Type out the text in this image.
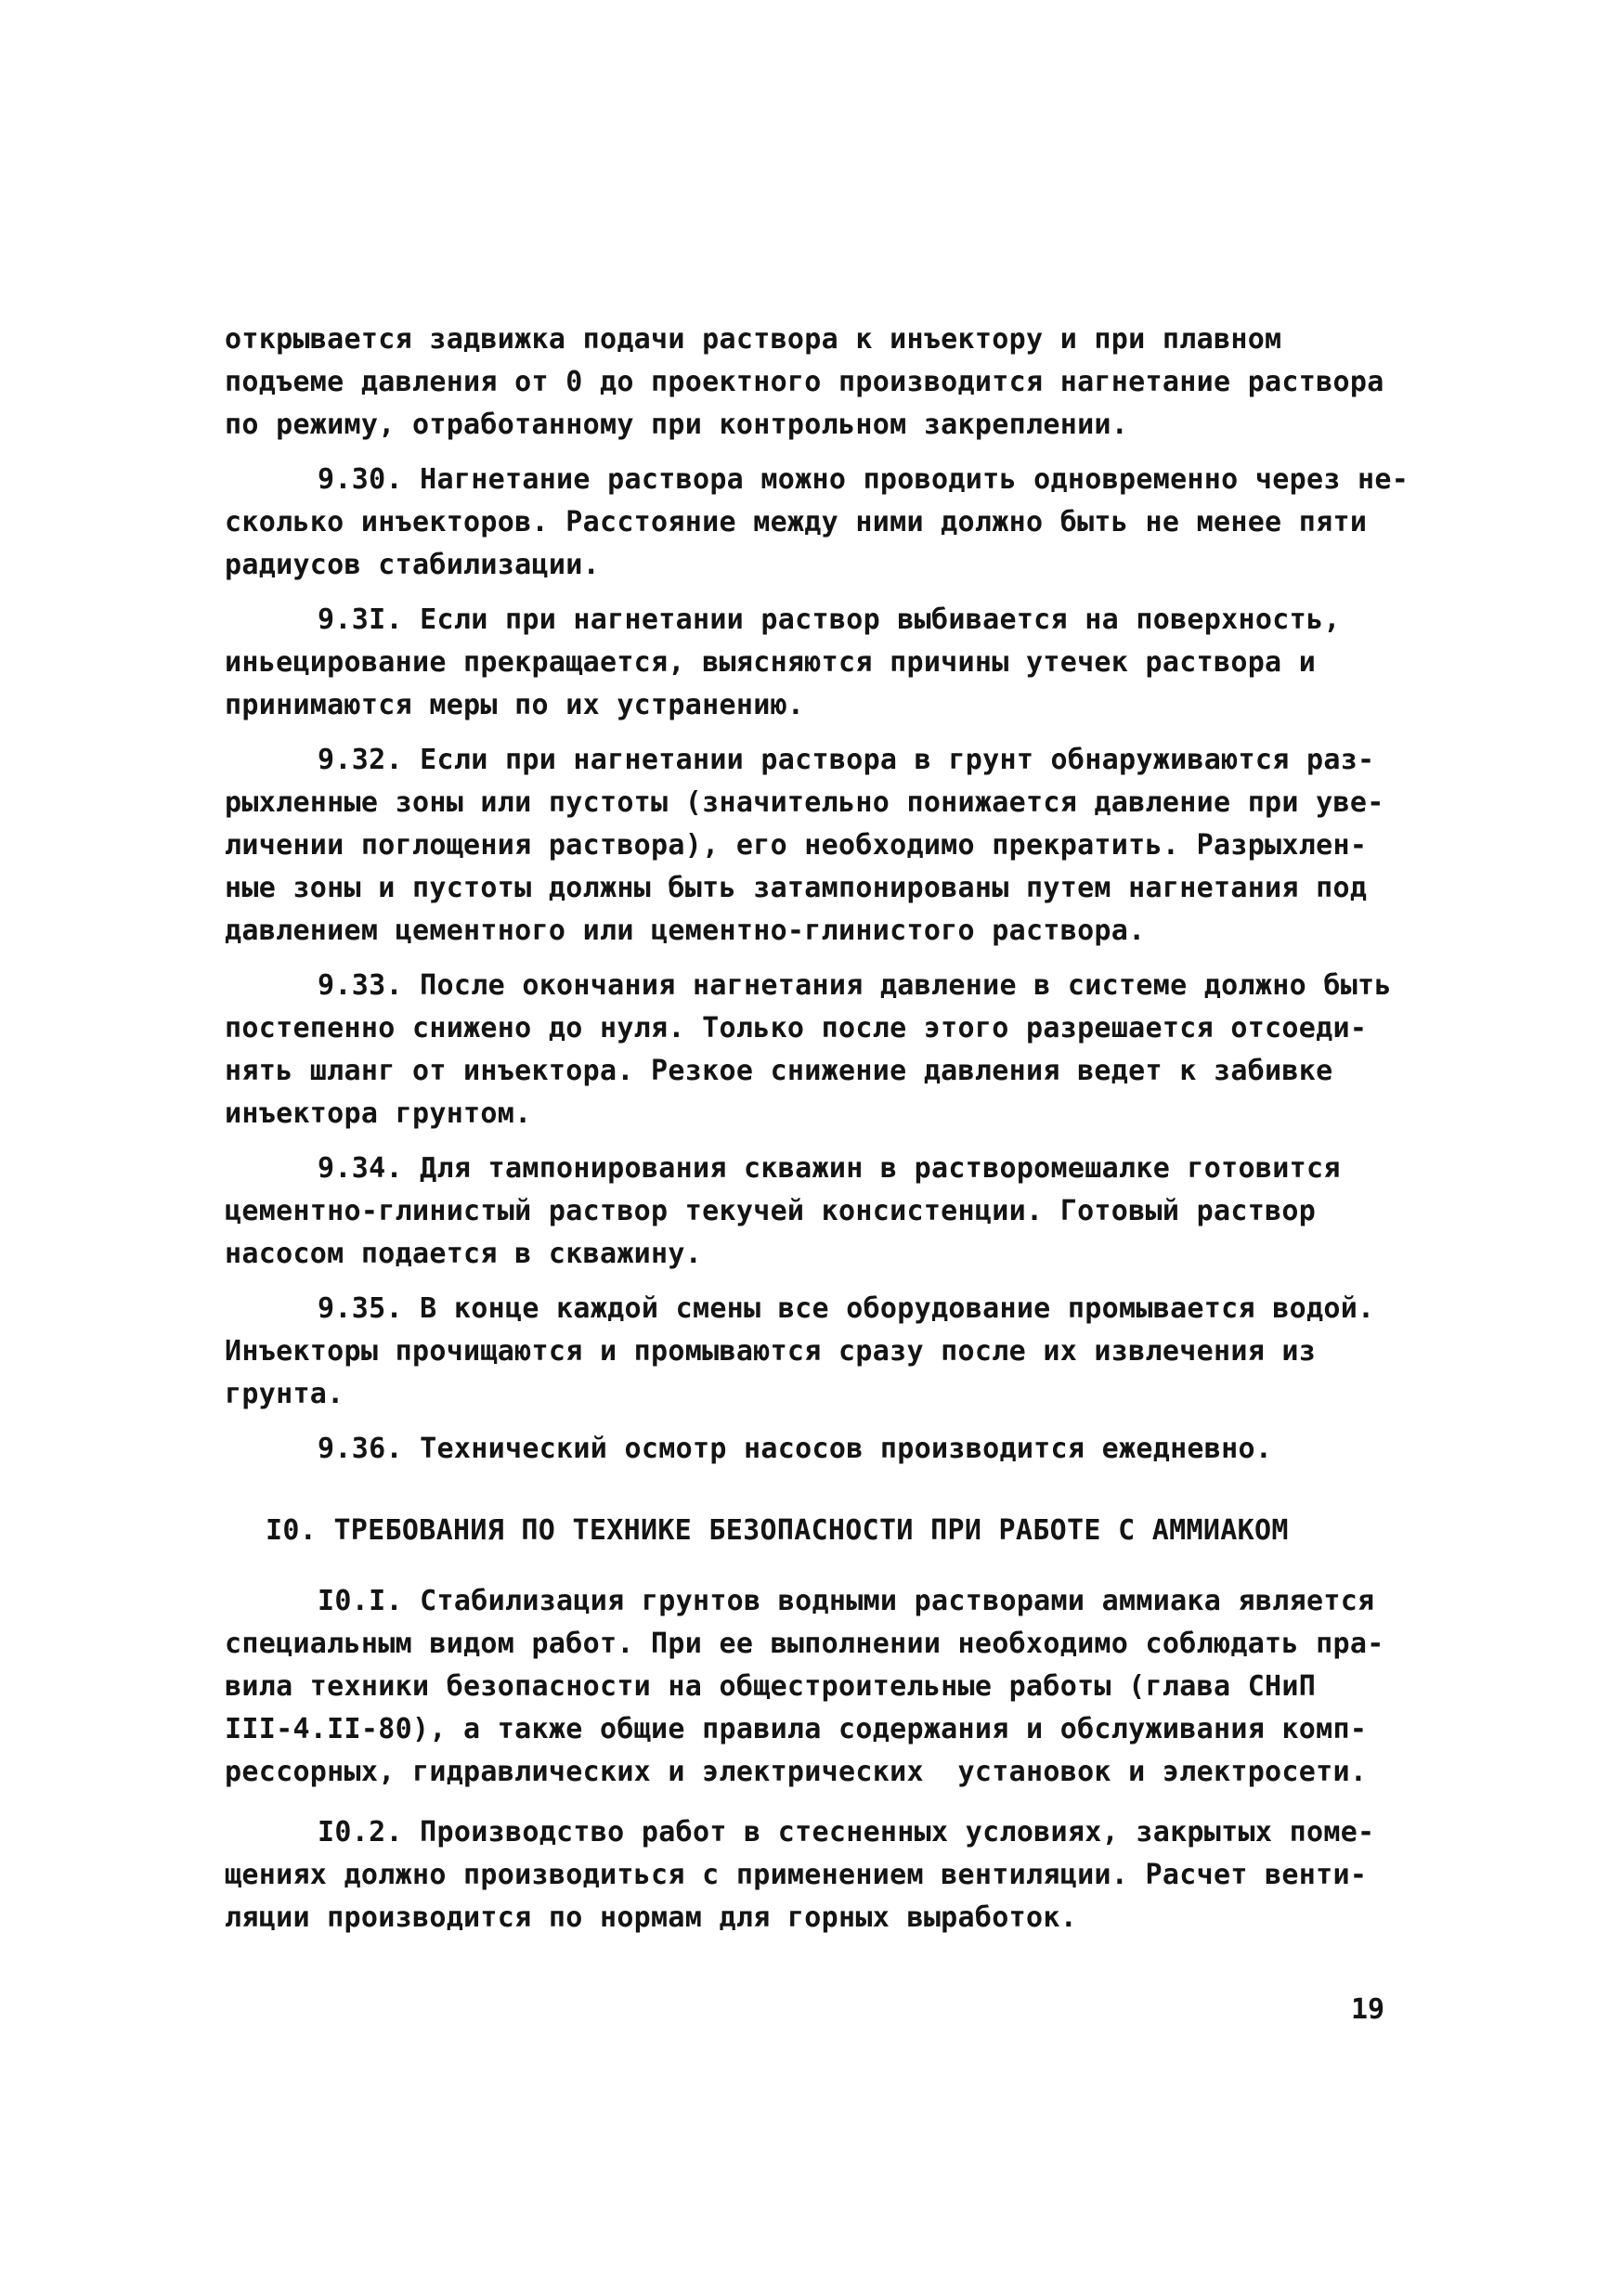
открывается задвижка подачи раствора к инъектору и при плавном
подъеме давления от 0 до проектного производится нагнетание раствора
по режиму, отработанному при контрольном закреплении.
9.30. Нагнетание раствора можно проводить одновременно через не-
сколько инъекторов. Расстояние между ними должно быть не менее пяти
радиусов стабилизации.
9.3I. Если при нагнетании раствор выбивается на поверхность,
иньецирование прекращается, выясняются причины утечек раствора и
принимаются меры по их устранению.
9.32. Если при нагнетании раствора в грунт обнаруживаются раз-
рыхленные зоны или пустоты (значительно понижается давление при уве-
личении поглощения раствора), его необходимо прекратить. Разрыхлен-
ные зоны и пустоты должны быть затампонированы путем нагнетания под
давлением цементного или цементно-глинистого раствора.
9.33. После окончания нагнетания давление в системе должно быть
постепенно снижено до нуля. Только после этого разрешается отсоеди-
нять шланг от инъектора. Резкое снижение давления ведет к забивке
инъектора грунтом.
9.34. Для тампонирования скважин в растворомешалке готовится
цементно-глинистый раствор текучей консистенции. Готовый раствор
насосом подается в скважину.
9.35. В конце каждой смены все оборудование промывается водой.
Инъекторы прочищаются и промываются сразу после их извлечения из
грунта.
9.36. Технический осмотр насосов производится ежедневно.
I0. ТРЕБОВАНИЯ ПО ТЕХНИКЕ БЕЗОПАСНОСТИ ПРИ РАБОТЕ С АММИАКОМ
I0.I. Стабилизация грунтов водными растворами аммиака является
специальным видом работ. При ее выполнении необходимо соблюдать пра-
вила техники безопасности на общестроительные работы (глава СНиП
III-4.II-80), а также общие правила содержания и обслуживания комп-
рессорных, гидравлических и электрических  установок и электросети.
I0.2. Производство работ в стесненных условиях, закрытых поме-
щениях должно производиться с применением вентиляции. Расчет венти-
ляции производится по нормам для горных выработок.
19
